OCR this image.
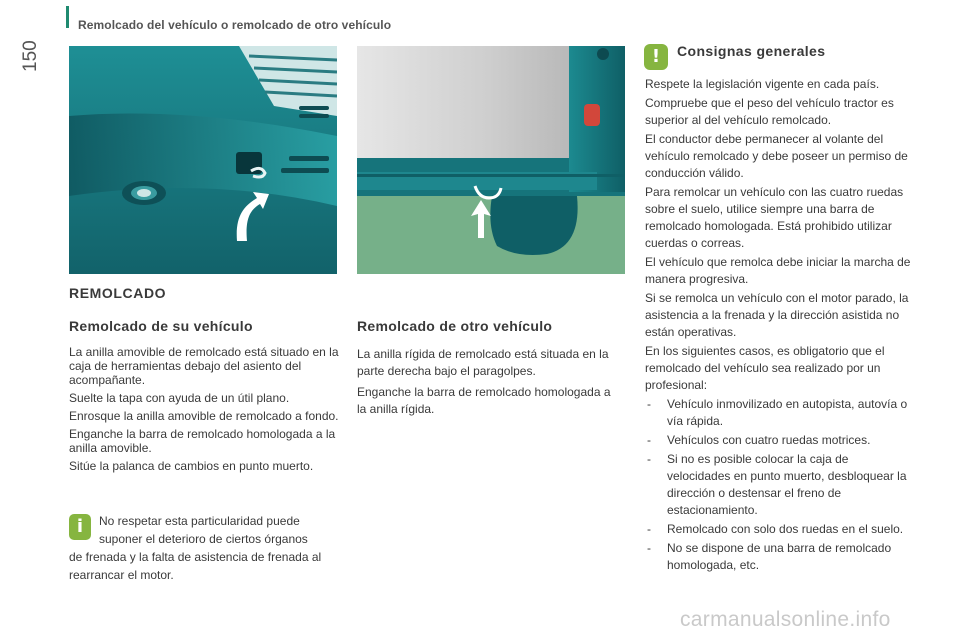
Remolcado del vehículo o remolcado de otro vehículo
150
REMOLCADO
Remolcado de su vehículo	Remolcado de otro vehículo

La anilla amovible de remolcado está situado en la caja de herramientas debajo del asiento del acompañante.

Suelte la tapa con ayuda de un útil plano.

Enrosque la anilla amovible de remolcado a fondo.

Enganche la barra de remolcado homologada a la anilla amovible.

Sitúe la palanca de cambios en punto muerto.

i	No respetar esta particularidad puede suponer el deterioro de ciertos órganos
de frenada y la falta de asistencia de frenada al rearrancar el motor.

La anilla rígida de remolcado está situada en la parte derecha bajo el paragolpes.

Enganche la barra de remolcado homologada a la anilla rígida.

!	Consignas generales

Respete la legislación vigente en cada país.

Compruebe que el peso del vehículo tractor es superior al del vehículo remolcado.

El conductor debe permanecer al volante del vehículo remolcado y debe poseer un permiso de conducción válido.

Para remolcar un vehículo con las cuatro ruedas sobre el suelo, utilice siempre una barra de remolcado homologada. Está prohibido utilizar cuerdas o correas.

El vehículo que remolca debe iniciar la marcha de manera progresiva.

Si se remolca un vehículo con el motor parado, la asistencia a la frenada y la dirección asistida no están operativas.

En los siguientes casos, es obligatorio que el remolcado del vehículo sea realizado por un profesional:

- Vehículo inmovilizado en autopista, autovía o vía rápida.
- Vehículos con cuatro ruedas motrices.
- Si no es posible colocar la caja de velocidades en punto muerto, desbloquear la dirección o destensar el freno de estacionamiento.
- Remolcado con solo dos ruedas en el suelo.
- No se dispone de una barra de remolcado homologada, etc.
carmanualsonline.info
